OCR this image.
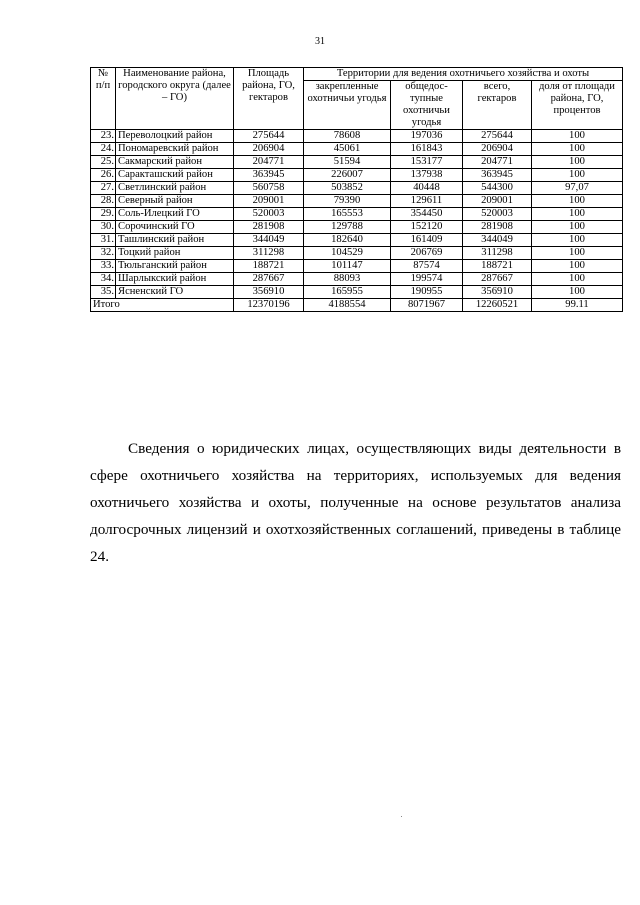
31
№ п/п	Наименование района, городского округа (далее – ГО)	Площадь района, ГО, гектаров	Территории для ведения охотничьего хозяйства и охоты			
			закрепленные охотничьи угодья	общедос-тупные охотничьи угодья	всего, гектаров	доля от площади района, ГО, процентов
23.	Переволоцкий район	275644	78608	197036	275644	100
24.	Пономаревский район	206904	45061	161843	206904	100
25.	Сакмарский район	204771	51594	153177	204771	100
26.	Саракташский район	363945	226007	137938	363945	100
27.	Светлинский район	560758	503852	40448	544300	97,07
28.	Северный район	209001	79390	129611	209001	100
29.	Соль-Илецкий ГО	520003	165553	354450	520003	100
30.	Сорочинский ГО	281908	129788	152120	281908	100
31.	Ташлинский район	344049	182640	161409	344049	100
32.	Тоцкий район	311298	104529	206769	311298	100
33.	Тюльганский район	188721	101147	87574	188721	100
34.	Шарлыкский район	287667	88093	199574	287667	100
35.	Ясненский ГО	356910	165955	190955	356910	100
Итого		12370196	4188554	8071967	12260521	99.11

Сведения о юридических лицах, осуществляющих виды деятельности в сфере охотничьего хозяйства на территориях, используемых для ведения охотничьего хозяйства и охоты, полученные на основе результатов анализа долгосрочных лицензий и охотхозяйственных соглашений, приведены в таблице 24.
